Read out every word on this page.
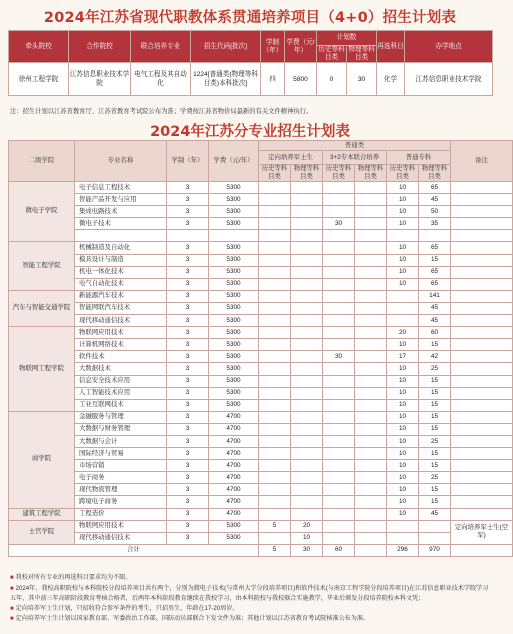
2024年江苏省现代职教体系贯通培养项目（4+0）招生计划表
牵头院校	合作院校	联合培养专业	招生代码[批次]	学制（年）	学费（元/年）	计划数		再选科目	办学地点
						历史等科目类	物理等科目类		
徐州工程学院	江苏信息职业技术学院	电气工程及其自动化	1224[普通类(物理等科目类)本科批次]	四	5800	0	30	化学	江苏信息职业技术学院
注：招生计划以江苏省教育厅、江苏省教育考试院公布为准；学费按江苏省物价局最新的有关文件精神执行。
2024年江苏分专业招生计划表
二级学院	专业名称	学制（年）	学费（元/年）	普通类						备注
				定向培养军士生		3+2专本联合培养		普通专科		
				历史等科目类	物理等科目类	历史等科目类	物理等科目类	历史等科目类	物理等科目类	
微电子学院	电子信息工程技术	3	5300					10	65	
	智能产品开发与应用	3	5300					10	45	
	集成电路技术	3	5300					10	50	
	微电子技术	3	5300			30		10	35	

智能工程学院	机械制造及自动化	3	5300					10	65	
	模具设计与制造	3	5300					10	15	
	机电一体化技术	3	5300					10	65	
	电气自动化技术	3	5300					10	65	
汽车与智能交通学院	新能源汽车技术	3	5300						141	
	智能网联汽车技术	3	5300						45	
	现代移动通信技术	3	5300						45	
物联网工程学院	物联网应用技术	3	5300					20	60	
	计算机网络技术	3	5300					10	15	
	软件技术	3	5300			30		17	42	
	大数据技术	3	5300					10	25	
	信息安全技术应用	3	5300					10	15	
	人工智能技术应用	3	5300					10	15	
	工业互联网技术	3	5300					10	15	
商学院	金融服务与管理	3	4700					10	15	
	大数据与财务管理	3	4700					10	15	
	大数据与会计	3	4700					10	25	
	国际经济与贸易	3	4700					10	15	
	市场营销	3	4700					10	15	
	电子商务	3	4700					10	25	
	现代物流管理	3	4700					10	15	
	跨境电子商务	3	4700					10	15	
建筑工程学院	工程造价	3	4700					10	45	
士官学院	物联网应用技术	3	5300	5	20					定向培养军士生(空军)
	现代移动通信技术	3	5300		10					
合计				5	30	60		296	970	

■ 我校对所有专业的再选科目要求均为不限。

■ 2024年，我校高职院校与本科院校分段培养项目共有两个，分别为微电子技术(与常州大学分段培养项目)和软件技术(与南京工程学院分段培养项目)在江苏信息职业技术学院学习五年，其中前三年高职阶段教育考核合格者，后两年本科阶段教育继续在我校学习，由本科院校与我校联合实施教学，毕业后颁发分段培养院校本科文凭；

■ 定向培养军士生计划，只招收符合参军条件的考生，只招男生，年龄在17-20周岁。

■ 定向培养军士生计划以国家教育部、军委政治工作部、国防动员部联合下发文件为准；其他计划以江苏省教育考试院核准公布为准。
